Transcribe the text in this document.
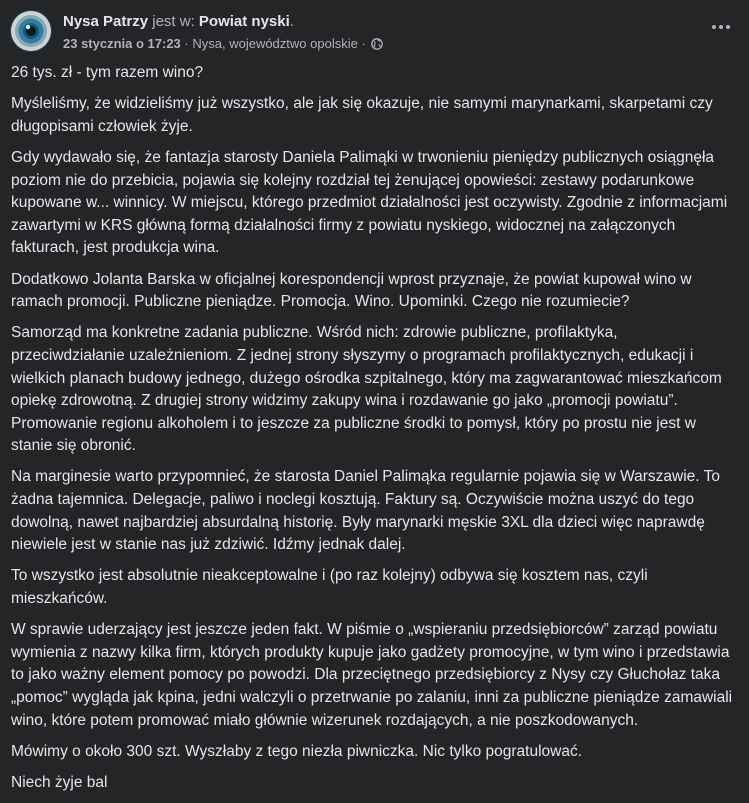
Nysa Patrzy jest w: Powiat nyski.
23 stycznia o 17:23 · Nysa, województwo opolskie ·

26 tys. zł - tym razem wino?

Myśleliśmy, że widzieliśmy już wszystko, ale jak się okazuje, nie samymi marynarkami, skarpetami czy długopisami człowiek żyje.

Gdy wydawało się, że fantazja starosty Daniela Palimąki w trwonieniu pieniędzy publicznych osiągnęła poziom nie do przebicia, pojawia się kolejny rozdział tej żenującej opowieści: zestawy podarunkowe kupowane w... winnicy. W miejscu, którego przedmiot działalności jest oczywisty. Zgodnie z informacjami zawartymi w KRS główną formą działalności firmy z powiatu nyskiego, widocznej na załączonych fakturach, jest produkcja wina.

Dodatkowo Jolanta Barska w oficjalnej korespondencji wprost przyznaje, że powiat kupował wino w ramach promocji. Publiczne pieniądze. Promocja. Wino. Upominki. Czego nie rozumiecie?

Samorząd ma konkretne zadania publiczne. Wśród nich: zdrowie publiczne, profilaktyka, przeciwdziałanie uzależnieniom. Z jednej strony słyszymy o programach profilaktycznych, edukacji i wielkich planach budowy jednego, dużego ośrodka szpitalnego, który ma zagwarantować mieszkańcom opiekę zdrowotną. Z drugiej strony widzimy zakupy wina i rozdawanie go jako „promocji powiatu”. Promowanie regionu alkoholem i to jeszcze za publiczne środki to pomysł, który po prostu nie jest w stanie się obronić.

Na marginesie warto przypomnieć, że starosta Daniel Palimąka regularnie pojawia się w Warszawie. To żadna tajemnica. Delegacje, paliwo i noclegi kosztują. Faktury są. Oczywiście można uszyć do tego dowolną, nawet najbardziej absurdalną historię. Były marynarki męskie 3XL dla dzieci więc naprawdę niewiele jest w stanie nas już zdziwić. Idźmy jednak dalej.

To wszystko jest absolutnie nieakceptowalne i (po raz kolejny) odbywa się kosztem nas, czyli mieszkańców.

W sprawie uderzający jest jeszcze jeden fakt. W piśmie o „wspieraniu przedsiębiorców” zarząd powiatu wymienia z nazwy kilka firm, których produkty kupuje jako gadżety promocyjne, w tym wino i przedstawia to jako ważny element pomocy po powodzi. Dla przeciętnego przedsiębiorcy z Nysy czy Głuchołaz taka „pomoc” wygląda jak kpina, jedni walczyli o przetrwanie po zalaniu, inni za publiczne pieniądze zamawiali wino, które potem promować miało głównie wizerunek rozdających, a nie poszkodowanych.

Mówimy o około 300 szt. Wyszłaby z tego niezła piwniczka. Nic tylko pogratulować.

Niech żyje bal
